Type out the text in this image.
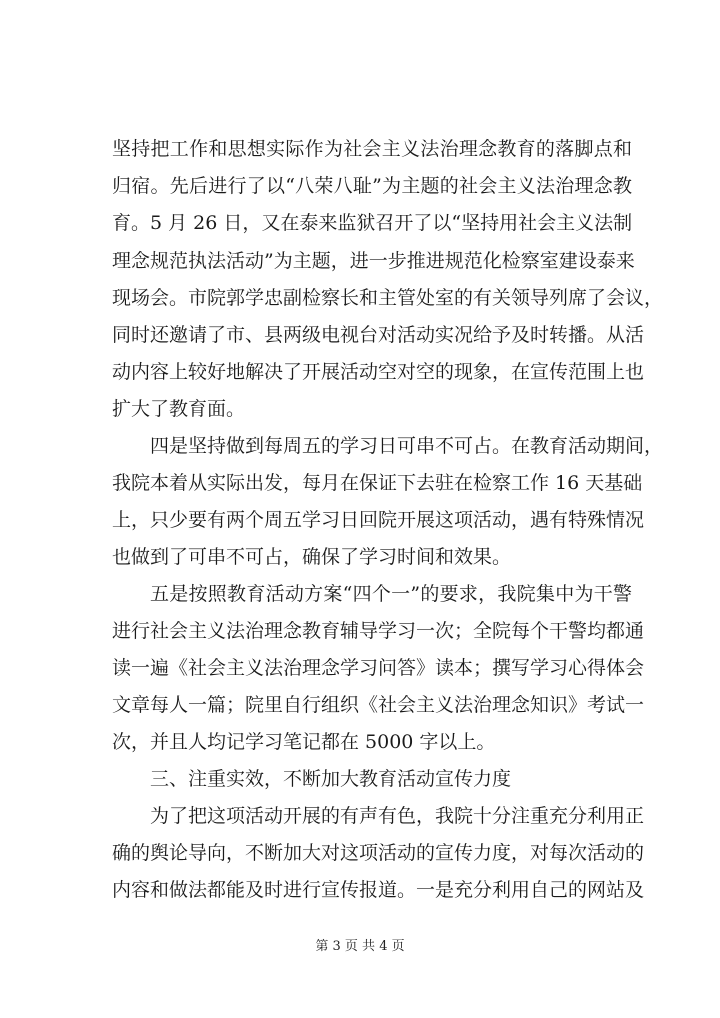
坚持把工作和思想实际作为社会主义法治理念教育的落脚点和
归宿。先后进行了以“八荣八耻”为主题的社会主义法治理念教
育。5 月 26 日，又在泰来监狱召开了以“坚持用社会主义法制
理念规范执法活动”为主题，进一步推进规范化检察室建设泰来
现场会。市院郭学忠副检察长和主管处室的有关领导列席了会议，
同时还邀请了市、县两级电视台对活动实况给予及时转播。从活
动内容上较好地解决了开展活动空对空的现象，在宣传范围上也
扩大了教育面。
四是坚持做到每周五的学习日可串不可占。在教育活动期间，
我院本着从实际出发，每月在保证下去驻在检察工作 16 天基础
上，只少要有两个周五学习日回院开展这项活动，遇有特殊情况
也做到了可串不可占，确保了学习时间和效果。
五是按照教育活动方案“四个一”的要求，我院集中为干警
进行社会主义法治理念教育辅导学习一次；全院每个干警均都通
读一遍《社会主义法治理念学习问答》读本；撰写学习心得体会
文章每人一篇；院里自行组织《社会主义法治理念知识》考试一
次，并且人均记学习笔记都在 5000 字以上。
三、注重实效，不断加大教育活动宣传力度
为了把这项活动开展的有声有色，我院十分注重充分利用正
确的舆论导向，不断加大对这项活动的宣传力度，对每次活动的
内容和做法都能及时进行宣传报道。一是充分利用自己的网站及
第 3 页 共 4 页
